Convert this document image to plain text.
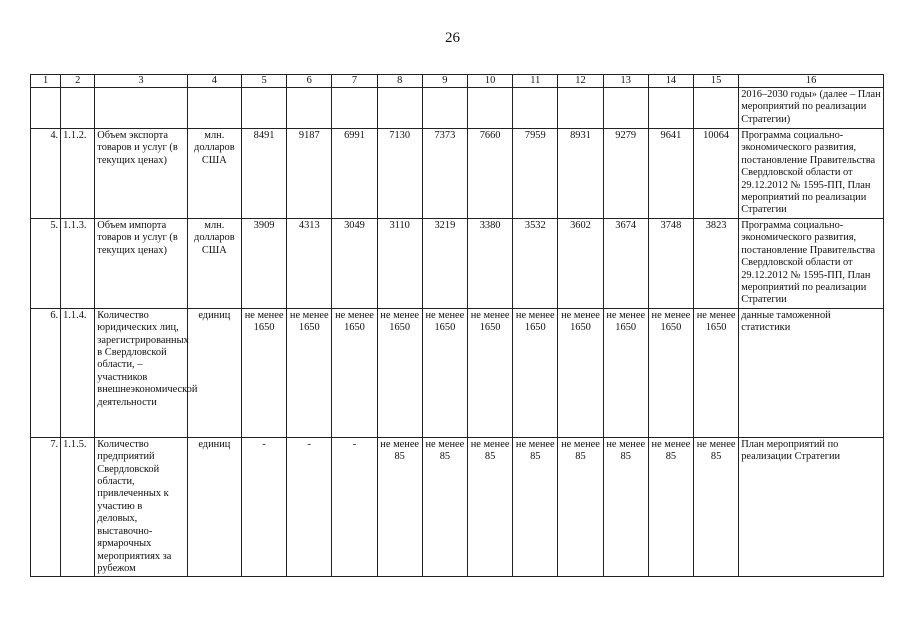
26
1	2	3	4	5	6	7	8	9	10	11	12	13	14	15	16
															2016–2030 годы» (далее – План мероприятий по реализации Стратегии)
4.	1.1.2.	Объем экспорта товаров и услуг (в текущих ценах)	млн. долларов США	8491	9187	6991	7130	7373	7660	7959	8931	9279	9641	10064	Программа социально-экономического развития, постановление Правительства Свердловской области от 29.12.2012 № 1595-ПП, План мероприятий по реализации Стратегии
5.	1.1.3.	Объем импорта товаров и услуг (в текущих ценах)	млн. долларов США	3909	4313	3049	3110	3219	3380	3532	3602	3674	3748	3823	Программа социально-экономического развития, постановление Правительства Свердловской области от 29.12.2012 № 1595-ПП, План мероприятий по реализации Стратегии
6.	1.1.4.	Количество юридических лиц, зарегистрированных в Свердловской области, – участников внешнеэкономической деятельности	единиц	не менее 1650	не менее 1650	не менее 1650	не менее 1650	не менее 1650	не менее 1650	не менее 1650	не менее 1650	не менее 1650	не менее 1650	не менее 1650	данные таможенной статистики
7.	1.1.5.	Количество предприятий Свердловской области, привлеченных к участию в деловых, выставочно-ярмарочных мероприятиях за рубежом	единиц	-	-	-	не менее 85	не менее 85	не менее 85	не менее 85	не менее 85	не менее 85	не менее 85	не менее 85	План мероприятий по реализации Стратегии
